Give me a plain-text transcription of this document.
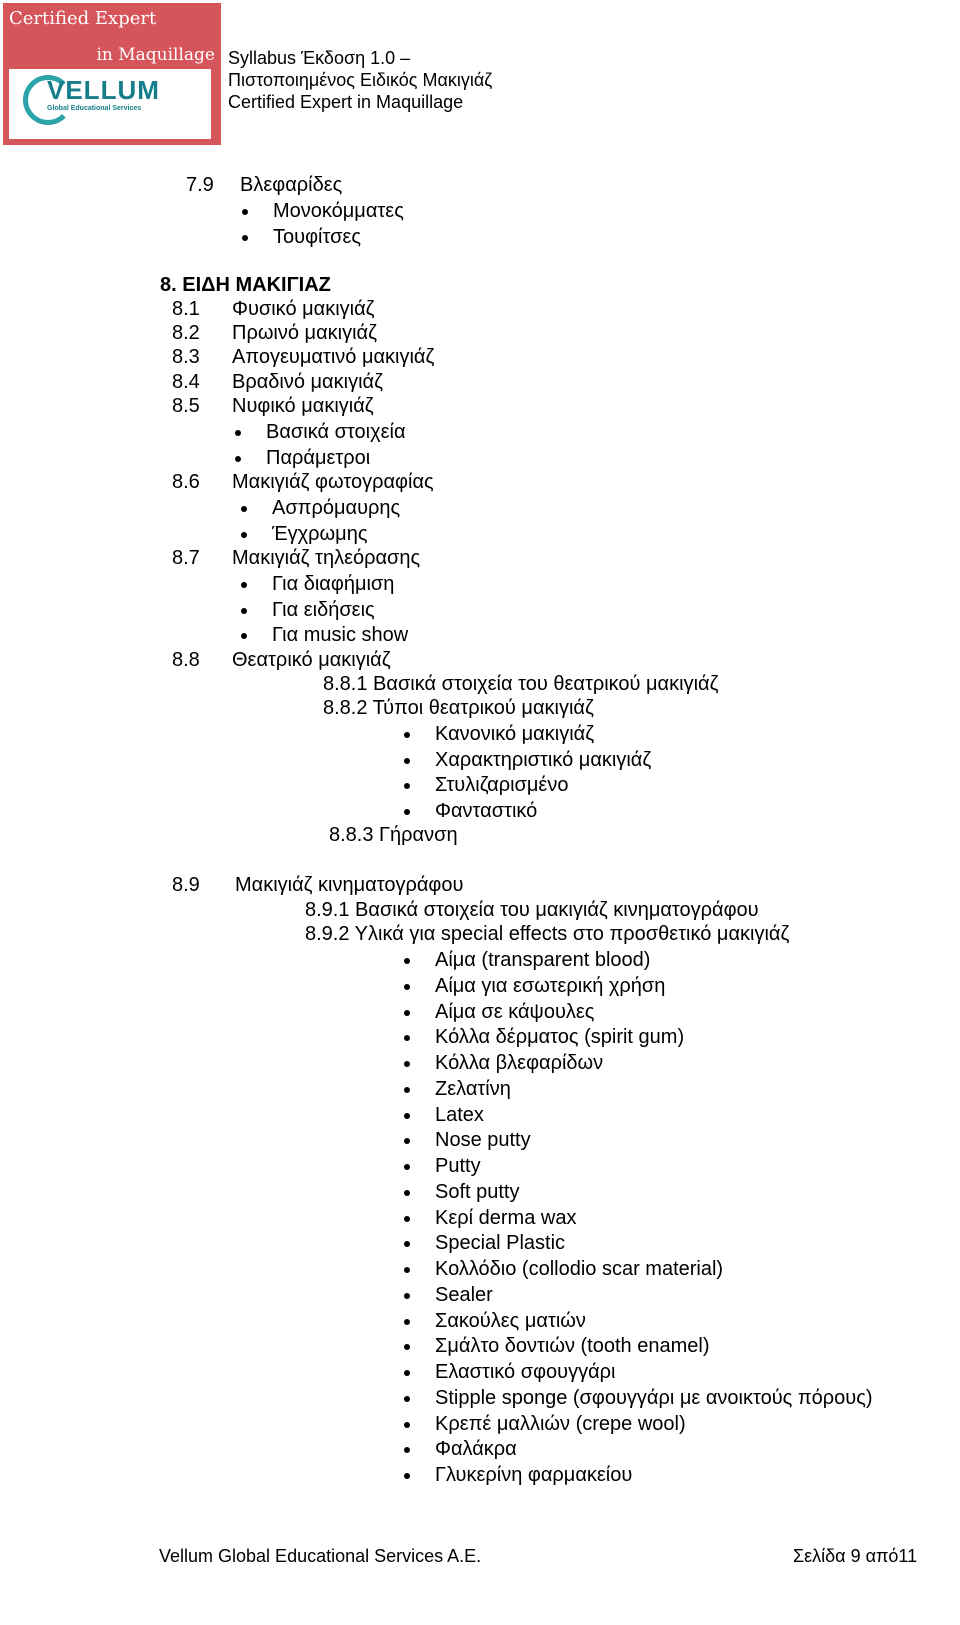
Certified Expert
in Maquillage
VELLUM
Global Educational Services
Syllabus Έκδοση 1.0 –
Πιστοποιημένος Ειδικός Μακιγιάζ
Certified Expert in Maquillage
7.9 Βλεφαρίδες
Μονοκόμματες
Τουφίτσες
8. ΕΙΔΗ ΜΑΚΙΓΙΑΖ
8.1 Φυσικό μακιγιάζ
8.2 Πρωινό μακιγιάζ
8.3 Απογευματινό μακιγιάζ
8.4 Βραδινό μακιγιάζ
8.5 Νυφικό μακιγιάζ
Βασικά στοιχεία
Παράμετροι
8.6 Μακιγιάζ φωτογραφίας
Ασπρόμαυρης
Έγχρωμης
8.7 Μακιγιάζ τηλεόρασης
Για διαφήμιση
Για ειδήσεις
Για music show
8.8 Θεατρικό μακιγιάζ
8.8.1 Βασικά στοιχεία του θεατρικού μακιγιάζ
8.8.2 Τύποι θεατρικού μακιγιάζ
Κανονικό μακιγιάζ
Χαρακτηριστικό μακιγιάζ
Στυλιζαρισμένο
Φανταστικό
8.8.3 Γήρανση
8.9 Μακιγιάζ κινηματογράφου
8.9.1 Βασικά στοιχεία του μακιγιάζ κινηματογράφου
8.9.2 Υλικά για special effects στο προσθετικό μακιγιάζ
Αίμα (transparent blood)
Αίμα για εσωτερική χρήση
Αίμα σε κάψουλες
Κόλλα δέρματος (spirit gum)
Κόλλα βλεφαρίδων
Ζελατίνη
Latex
Nose putty
Putty
Soft putty
Κερί derma wax
Special Plastic
Κολλόδιο (collodio scar material)
Sealer
Σακούλες ματιών
Σμάλτο δοντιών (tooth enamel)
Ελαστικό σφουγγάρι
Stipple sponge (σφουγγάρι με ανοικτούς πόρους)
Κρεπέ μαλλιών (crepe wool)
Φαλάκρα
Γλυκερίνη φαρμακείου
Vellum Global Educational Services A.E.	Σελίδα 9 από11
